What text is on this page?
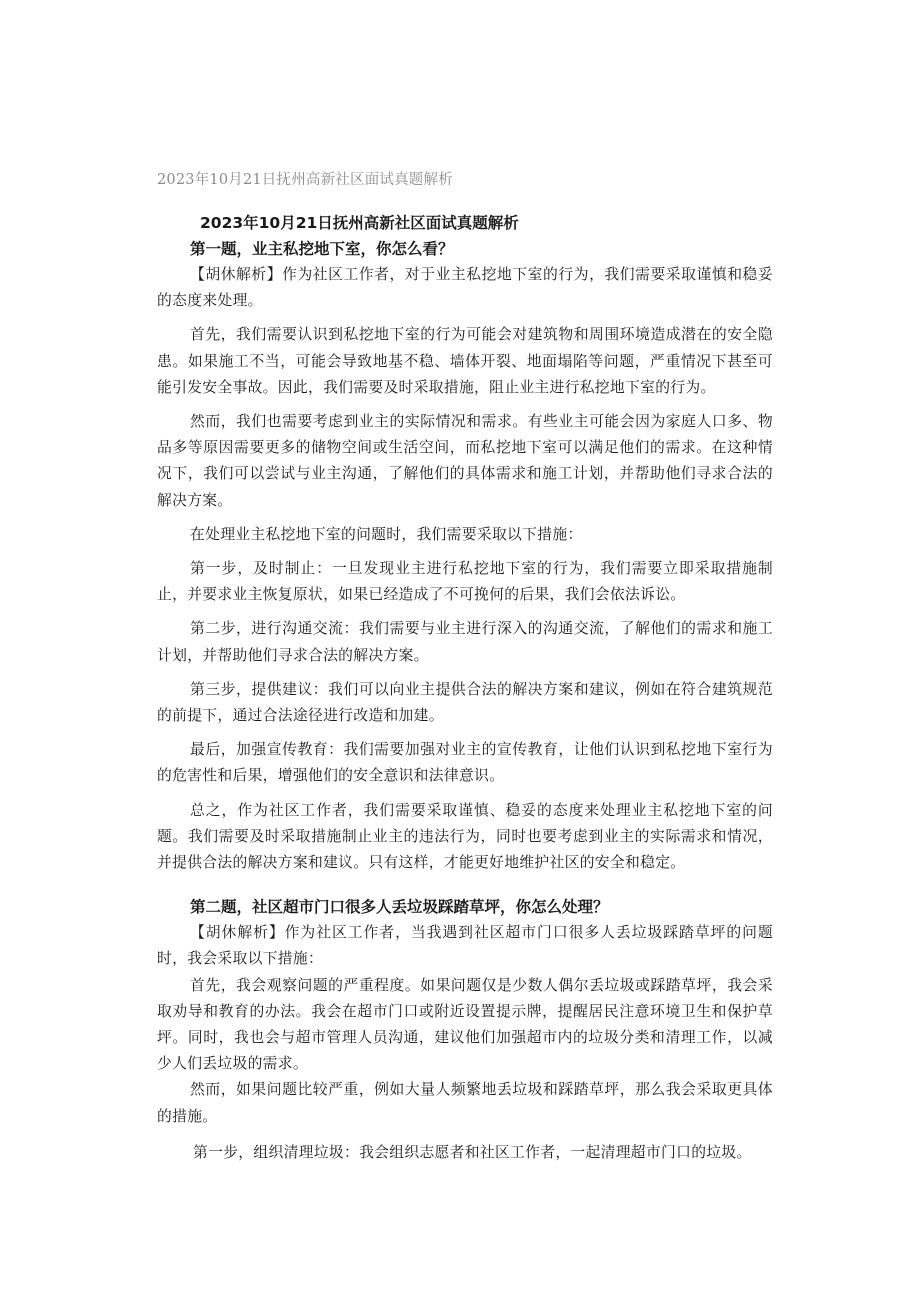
2023年10月21日抚州高新社区面试真题解析
2023年10月21日抚州高新社区面试真题解析
第一题，业主私挖地下室，你怎么看？

【胡休解析】作为社区工作者，对于业主私挖地下室的行为，我们需要采取谨慎和稳妥的态度来处理。

首先，我们需要认识到私挖地下室的行为可能会对建筑物和周围环境造成潜在的安全隐患。如果施工不当，可能会导致地基不稳、墙体开裂、地面塌陷等问题，严重情况下甚至可能引发安全事故。因此，我们需要及时采取措施，阻止业主进行私挖地下室的行为。

然而，我们也需要考虑到业主的实际情况和需求。有些业主可能会因为家庭人口多、物品多等原因需要更多的储物空间或生活空间，而私挖地下室可以满足他们的需求。在这种情况下，我们可以尝试与业主沟通，了解他们的具体需求和施工计划，并帮助他们寻求合法的解决方案。

在处理业主私挖地下室的问题时，我们需要采取以下措施：

第一步，及时制止：一旦发现业主进行私挖地下室的行为，我们需要立即采取措施制止，并要求业主恢复原状，如果已经造成了不可挽何的后果，我们会依法诉讼。

第二步，进行沟通交流：我们需要与业主进行深入的沟通交流，了解他们的需求和施工计划，并帮助他们寻求合法的解决方案。

第三步，提供建议：我们可以向业主提供合法的解决方案和建议，例如在符合建筑规范的前提下，通过合法途径进行改造和加建。

最后，加强宣传教育：我们需要加强对业主的宣传教育，让他们认识到私挖地下室行为的危害性和后果，增强他们的安全意识和法律意识。

总之，作为社区工作者，我们需要采取谨慎、稳妥的态度来处理业主私挖地下室的问题。我们需要及时采取措施制止业主的违法行为，同时也要考虑到业主的实际需求和情况，并提供合法的解决方案和建议。只有这样，才能更好地维护社区的安全和稳定。

第二题，社区超市门口很多人丢垃圾踩踏草坪，你怎么处理？

【胡休解析】作为社区工作者，当我遇到社区超市门口很多人丢垃圾踩踏草坪的问题时，我会采取以下措施：

首先，我会观察问题的严重程度。如果问题仅是少数人偶尔丢垃圾或踩踏草坪，我会采取劝导和教育的办法。我会在超市门口或附近设置提示牌，提醒居民注意环境卫生和保护草坪。同时，我也会与超市管理人员沟通，建议他们加强超市内的垃圾分类和清理工作，以减少人们丢垃圾的需求。

然而，如果问题比较严重，例如大量人频繁地丢垃圾和踩踏草坪，那么我会采取更具体的措施。

第一步，组织清理垃圾：我会组织志愿者和社区工作者，一起清理超市门口的垃圾。
